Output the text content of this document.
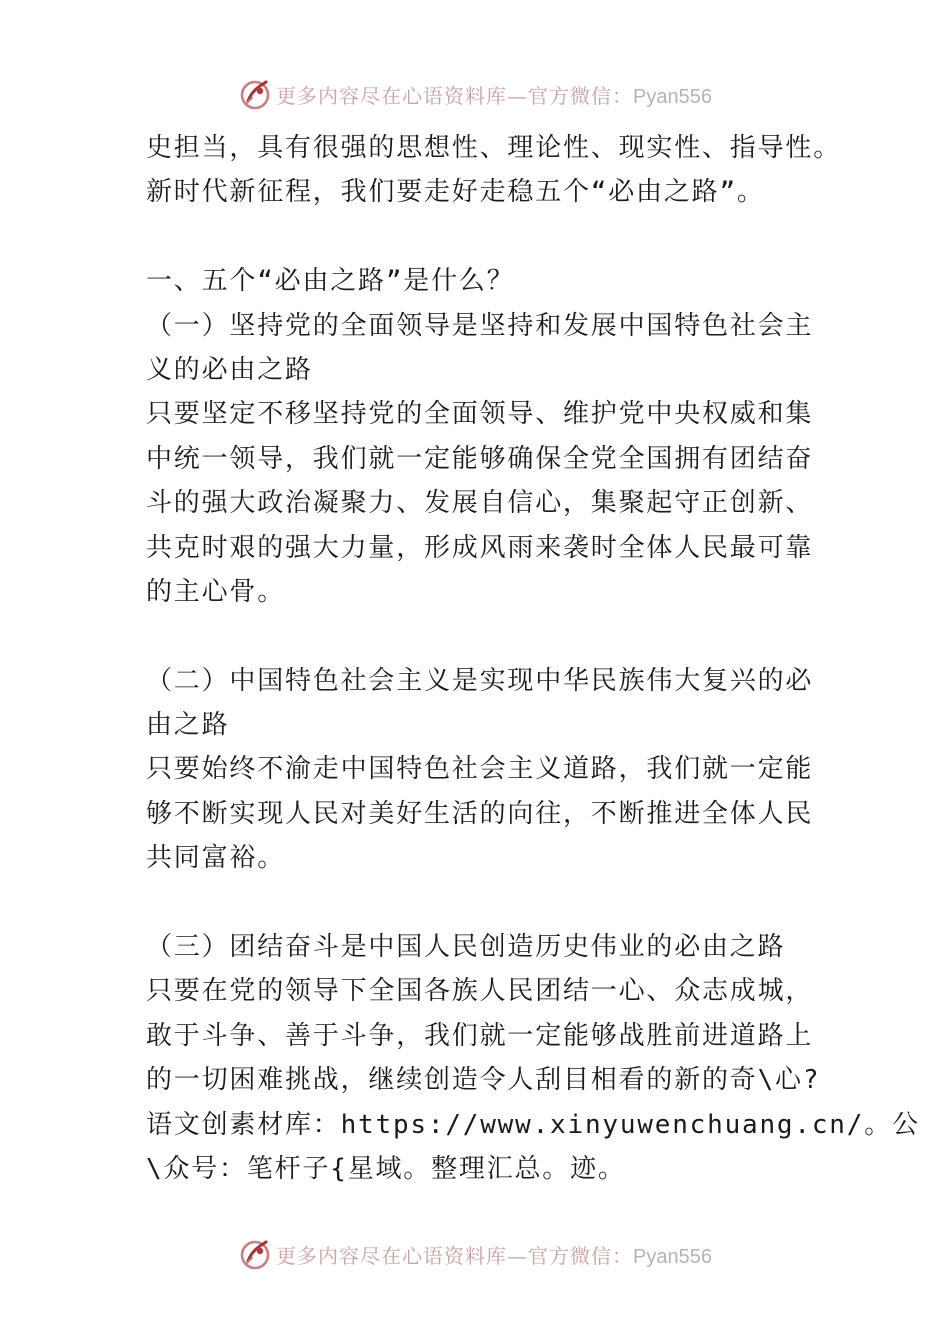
更多内容尽在心语资料库—官方微信：Pyan556
史担当，具有很强的思想性、理论性、现实性、指导性。
新时代新征程，我们要走好走稳五个“必由之路”。
一、五个“必由之路”是什么？
（一）坚持党的全面领导是坚持和发展中国特色社会主
义的必由之路
只要坚定不移坚持党的全面领导、维护党中央权威和集
中统一领导，我们就一定能够确保全党全国拥有团结奋
斗的强大政治凝聚力、发展自信心，集聚起守正创新、
共克时艰的强大力量，形成风雨来袭时全体人民最可靠
的主心骨。
（二）中国特色社会主义是实现中华民族伟大复兴的必
由之路
只要始终不渝走中国特色社会主义道路，我们就一定能
够不断实现人民对美好生活的向往，不断推进全体人民
共同富裕。
（三）团结奋斗是中国人民创造历史伟业的必由之路
只要在党的领导下全国各族人民团结一心、众志成城，
敢于斗争、善于斗争，我们就一定能够战胜前进道路上
的一切困难挑战，继续创造令人刮目相看的新的奇\心?
语文创素材库：https://www.xinyuwenchuang.cn/。公
\众号：笔杆子{星域。整理汇总。迹。
更多内容尽在心语资料库—官方微信：Pyan556
